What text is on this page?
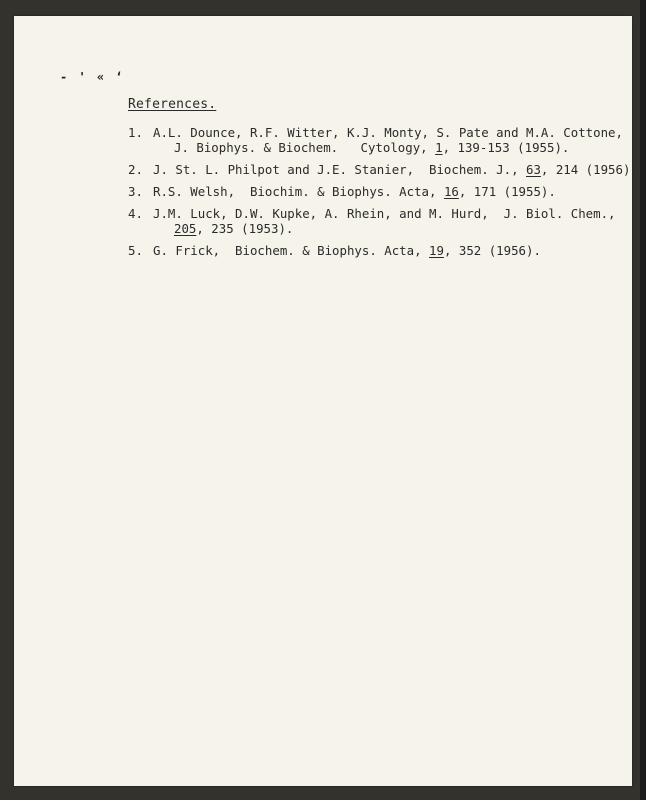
- ' « ‘
References.
1. A.L. Dounce, R.F. Witter, K.J. Monty, S. Pate and M.A. Cottone,
J. Biophys. & Biochem.   Cytology, 1, 139-153 (1955).
2. J. St. L. Philpot and J.E. Stanier,  Biochem. J., 63, 214 (1956).
3. R.S. Welsh,  Biochim. & Biophys. Acta, 16, 171 (1955).
4. J.M. Luck, D.W. Kupke, A. Rhein, and M. Hurd,  J. Biol. Chem.,
205, 235 (1953).
5. G. Frick,  Biochem. & Biophys. Acta, 19, 352 (1956).
